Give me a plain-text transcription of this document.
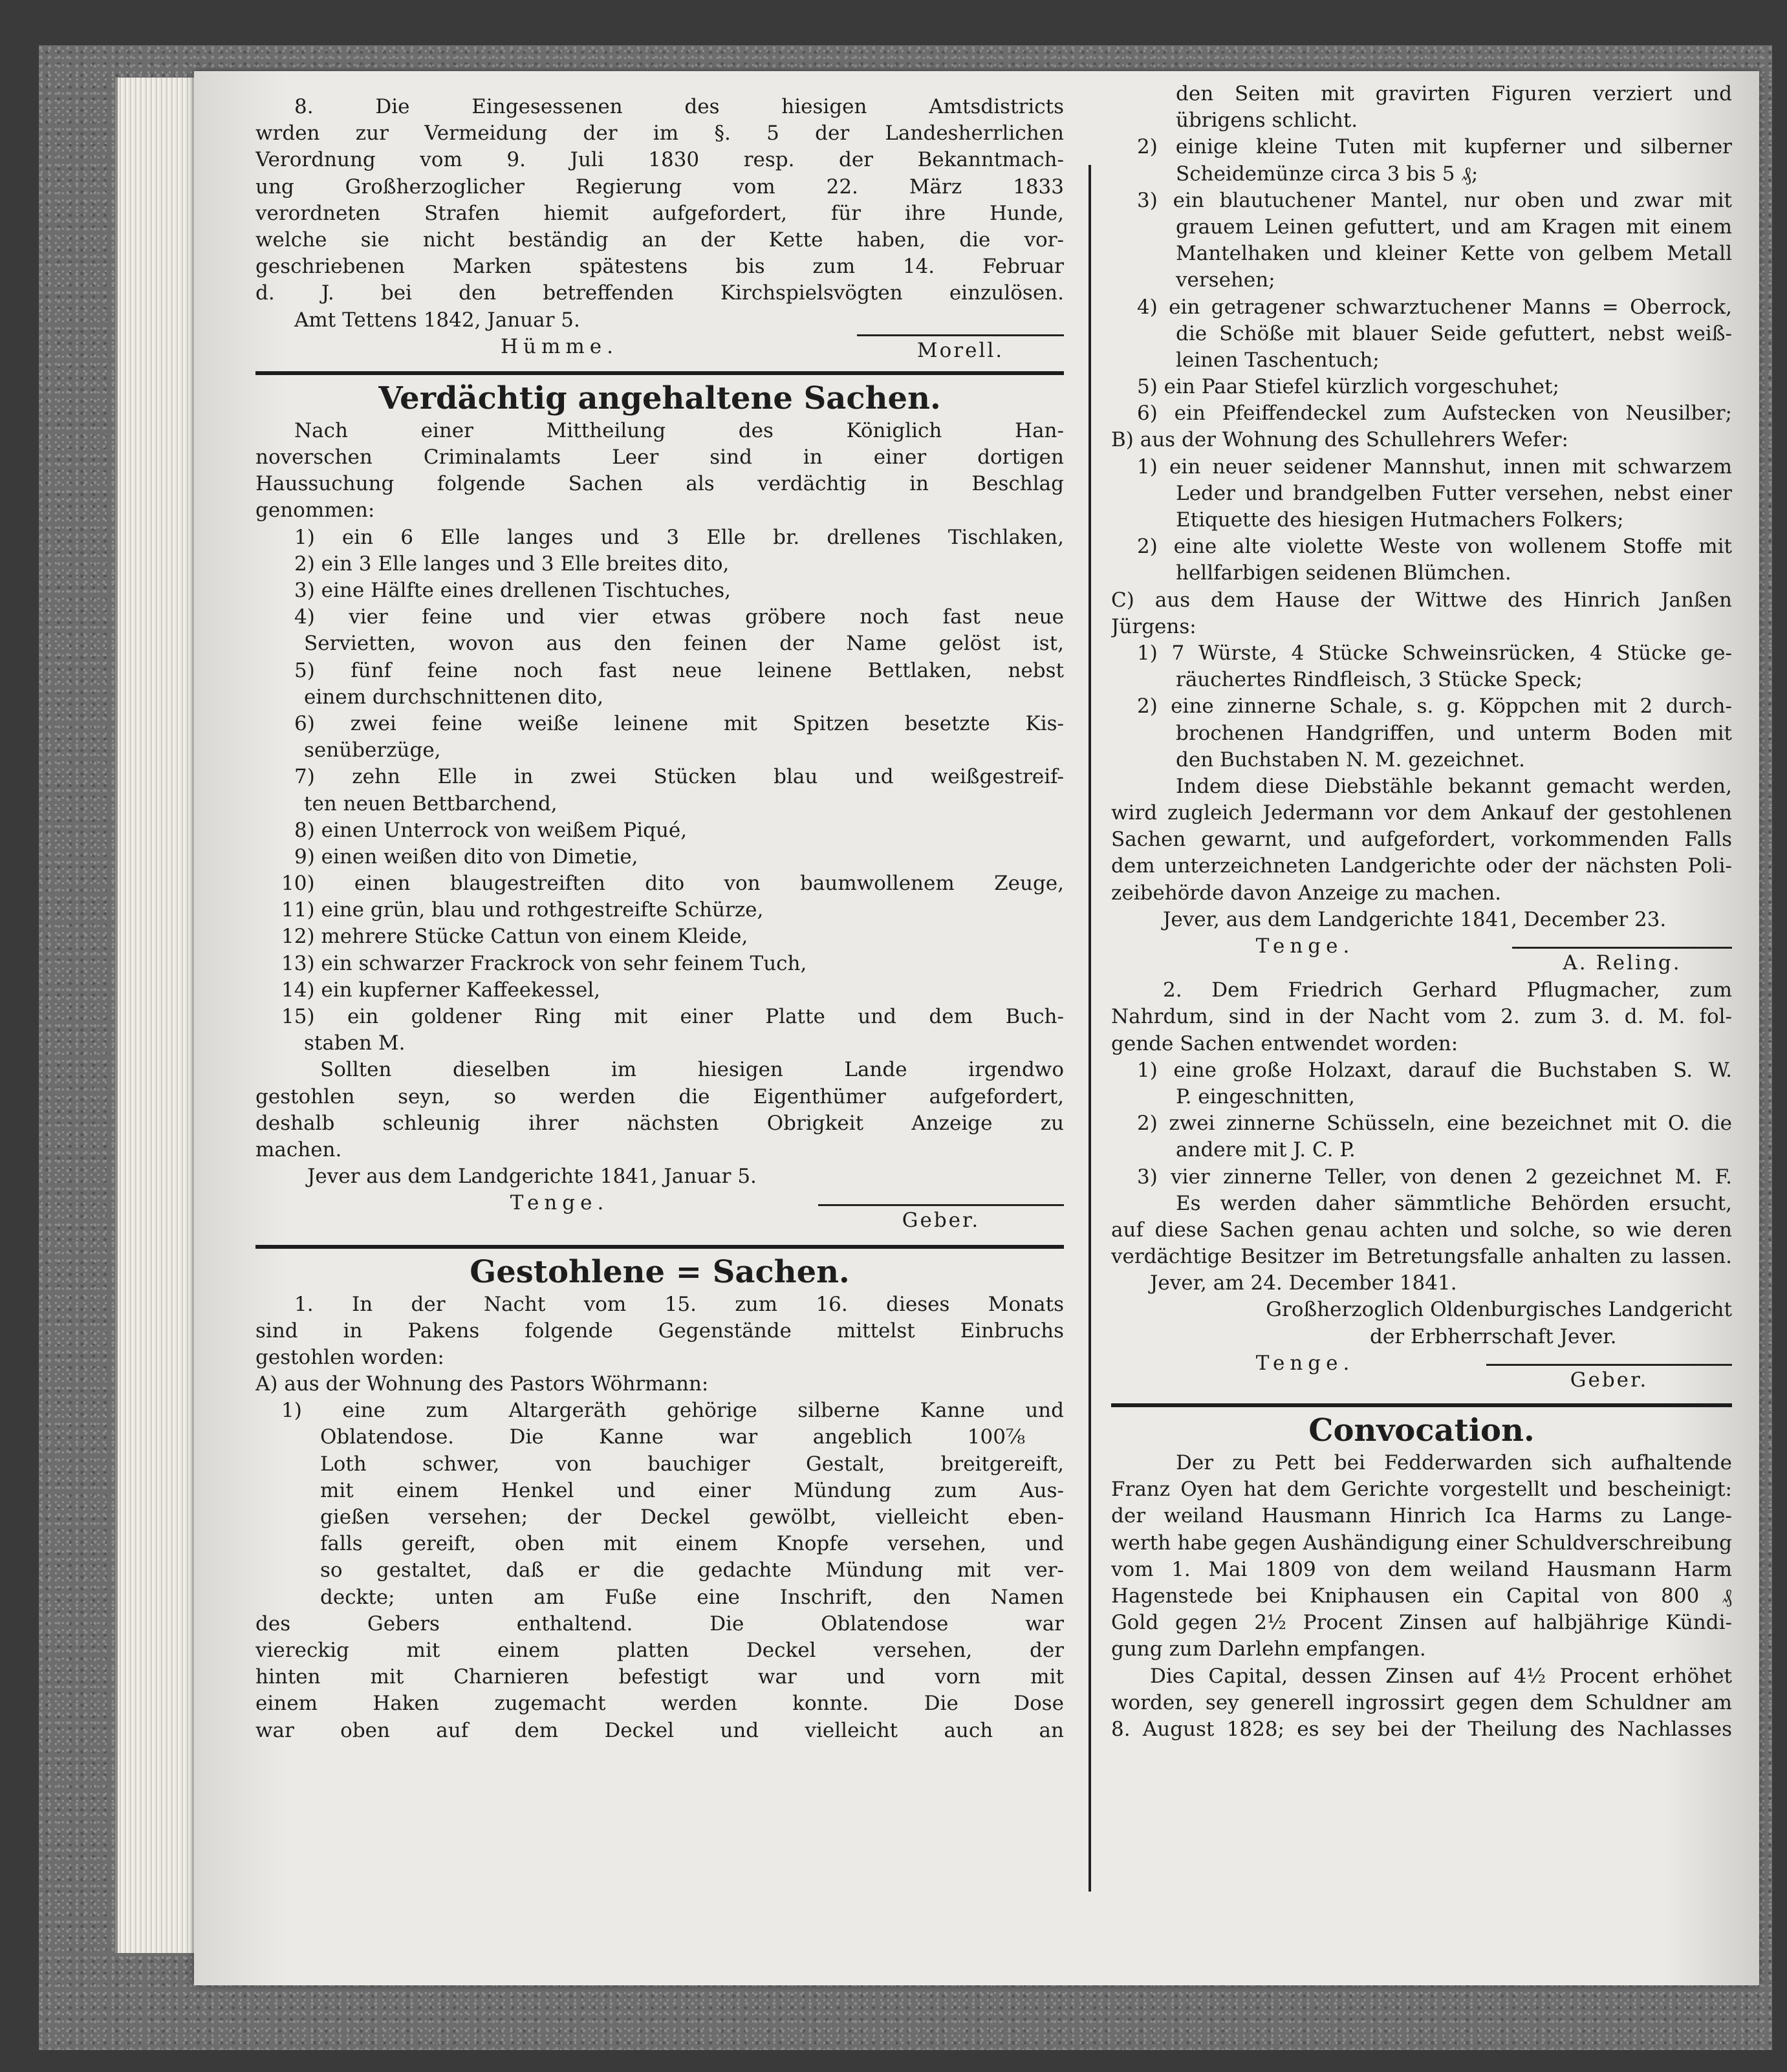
8. Die Eingesessenen des hiesigen Amtsdistricts
wrden zur Vermeidung der im §. 5 der Landesherrlichen
Verordnung vom 9. Juli 1830 resp. der Bekanntmach-
ung Großherzoglicher Regierung vom 22. März 1833
verordneten Strafen hiemit aufgefordert, für ihre Hunde,
welche sie nicht beständig an der Kette haben, die vor-
geschriebenen Marken spätestens bis zum 14. Februar
d. J. bei den betreffenden Kirchspielsvögten einzulösen.
Amt Tettens 1842, Januar 5.
Hümme.	Morell.
Verdächtig angehaltene Sachen.
Nach einer Mittheilung des Königlich Han-
noverschen Criminalamts Leer sind in einer dortigen
Haussuchung folgende Sachen als verdächtig in Beschlag
genommen:
1) ein 6 Elle langes und 3 Elle br. drellenes Tischlaken,
2) ein 3 Elle langes und 3 Elle breites dito,
3) eine Hälfte eines drellenen Tischtuches,
4) vier feine und vier etwas gröbere noch fast neue
Servietten, wovon aus den feinen der Name gelöst ist,
5) fünf feine noch fast neue leinene Bettlaken, nebst
einem durchschnittenen dito,
6) zwei feine weiße leinene mit Spitzen besetzte Kis-
senüberzüge,
7) zehn Elle in zwei Stücken blau und weißgestreif-
ten neuen Bettbarchend,
8) einen Unterrock von weißem Piqué,
9) einen weißen dito von Dimetie,
10) einen blaugestreiften dito von baumwollenem Zeuge,
11) eine grün, blau und rothgestreifte Schürze,
12) mehrere Stücke Cattun von einem Kleide,
13) ein schwarzer Frackrock von sehr feinem Tuch,
14) ein kupferner Kaffeekessel,
15) ein goldener Ring mit einer Platte und dem Buch-
staben M.
Sollten dieselben im hiesigen Lande irgendwo
gestohlen seyn, so werden die Eigenthümer aufgefordert,
deshalb schleunig ihrer nächsten Obrigkeit Anzeige zu
machen.
Jever aus dem Landgerichte 1841, Januar 5.
Tenge.
Geber.
Gestohlene = Sachen.
1. In der Nacht vom 15. zum 16. dieses Monats
sind in Pakens folgende Gegenstände mittelst Einbruchs
gestohlen worden:
A) aus der Wohnung des Pastors Wöhrmann:
1) eine zum Altargeräth gehörige silberne Kanne und
Oblatendose. Die Kanne war angeblich 100⅞
Loth schwer, von bauchiger Gestalt, breitgereift,
mit einem Henkel und einer Mündung zum Aus-
gießen versehen; der Deckel gewölbt, vielleicht eben-
falls gereift, oben mit einem Knopfe versehen, und
so gestaltet, daß er die gedachte Mündung mit ver-
deckte; unten am Fuße eine Inschrift, den Namen
des Gebers enthaltend. Die Oblatendose war
viereckig mit einem platten Deckel versehen, der
hinten mit Charnieren befestigt war und vorn mit
einem Haken zugemacht werden konnte. Die Dose
war oben auf dem Deckel und vielleicht auch an
den Seiten mit gravirten Figuren verziert und
übrigens schlicht.
2) einige kleine Tuten mit kupferner und silberner
Scheidemünze circa 3 bis 5 ₰;
3) ein blautuchener Mantel, nur oben und zwar mit
grauem Leinen gefuttert, und am Kragen mit einem
Mantelhaken und kleiner Kette von gelbem Metall
versehen;
4) ein getragener schwarztuchener Manns = Oberrock,
die Schöße mit blauer Seide gefuttert, nebst weiß-
leinen Taschentuch;
5) ein Paar Stiefel kürzlich vorgeschuhet;
6) ein Pfeiffendeckel zum Aufstecken von Neusilber;
B) aus der Wohnung des Schullehrers Wefer:
1) ein neuer seidener Mannshut, innen mit schwarzem
Leder und brandgelben Futter versehen, nebst einer
Etiquette des hiesigen Hutmachers Folkers;
2) eine alte violette Weste von wollenem Stoffe mit
hellfarbigen seidenen Blümchen.
C) aus dem Hause der Wittwe des Hinrich Janßen
Jürgens:
1) 7 Würste, 4 Stücke Schweinsrücken, 4 Stücke ge-
räuchertes Rindfleisch, 3 Stücke Speck;
2) eine zinnerne Schale, s. g. Köppchen mit 2 durch-
brochenen Handgriffen, und unterm Boden mit
den Buchstaben N. M. gezeichnet.
Indem diese Diebstähle bekannt gemacht werden,
wird zugleich Jedermann vor dem Ankauf der gestohlenen
Sachen gewarnt, und aufgefordert, vorkommenden Falls
dem unterzeichneten Landgerichte oder der nächsten Poli-
zeibehörde davon Anzeige zu machen.
Jever, aus dem Landgerichte 1841, December 23.
Tenge.
A. Reling.
2. Dem Friedrich Gerhard Pflugmacher, zum
Nahrdum, sind in der Nacht vom 2. zum 3. d. M. fol-
gende Sachen entwendet worden:
1) eine große Holzaxt, darauf die Buchstaben S. W.
P. eingeschnitten,
2) zwei zinnerne Schüsseln, eine bezeichnet mit O. die
andere mit J. C. P.
3) vier zinnerne Teller, von denen 2 gezeichnet M. F.
Es werden daher sämmtliche Behörden ersucht,
auf diese Sachen genau achten und solche, so wie deren
verdächtige Besitzer im Betretungsfalle anhalten zu lassen.
Jever, am 24. December 1841.
Großherzoglich Oldenburgisches Landgericht
der Erbherrschaft Jever.
Tenge.
Geber.
Convocation.
Der zu Pett bei Fedderwarden sich aufhaltende
Franz Oyen hat dem Gerichte vorgestellt und bescheinigt:
der weiland Hausmann Hinrich Ica Harms zu Lange-
werth habe gegen Aushändigung einer Schuldverschreibung
vom 1. Mai 1809 von dem weiland Hausmann Harm
Hagenstede bei Kniphausen ein Capital von 800 ₰
Gold gegen 2½ Procent Zinsen auf halbjährige Kündi-
gung zum Darlehn empfangen.
Dies Capital, dessen Zinsen auf 4½ Procent erhöhet
worden, sey generell ingrossirt gegen dem Schuldner am
8. August 1828; es sey bei der Theilung des Nachlasses
